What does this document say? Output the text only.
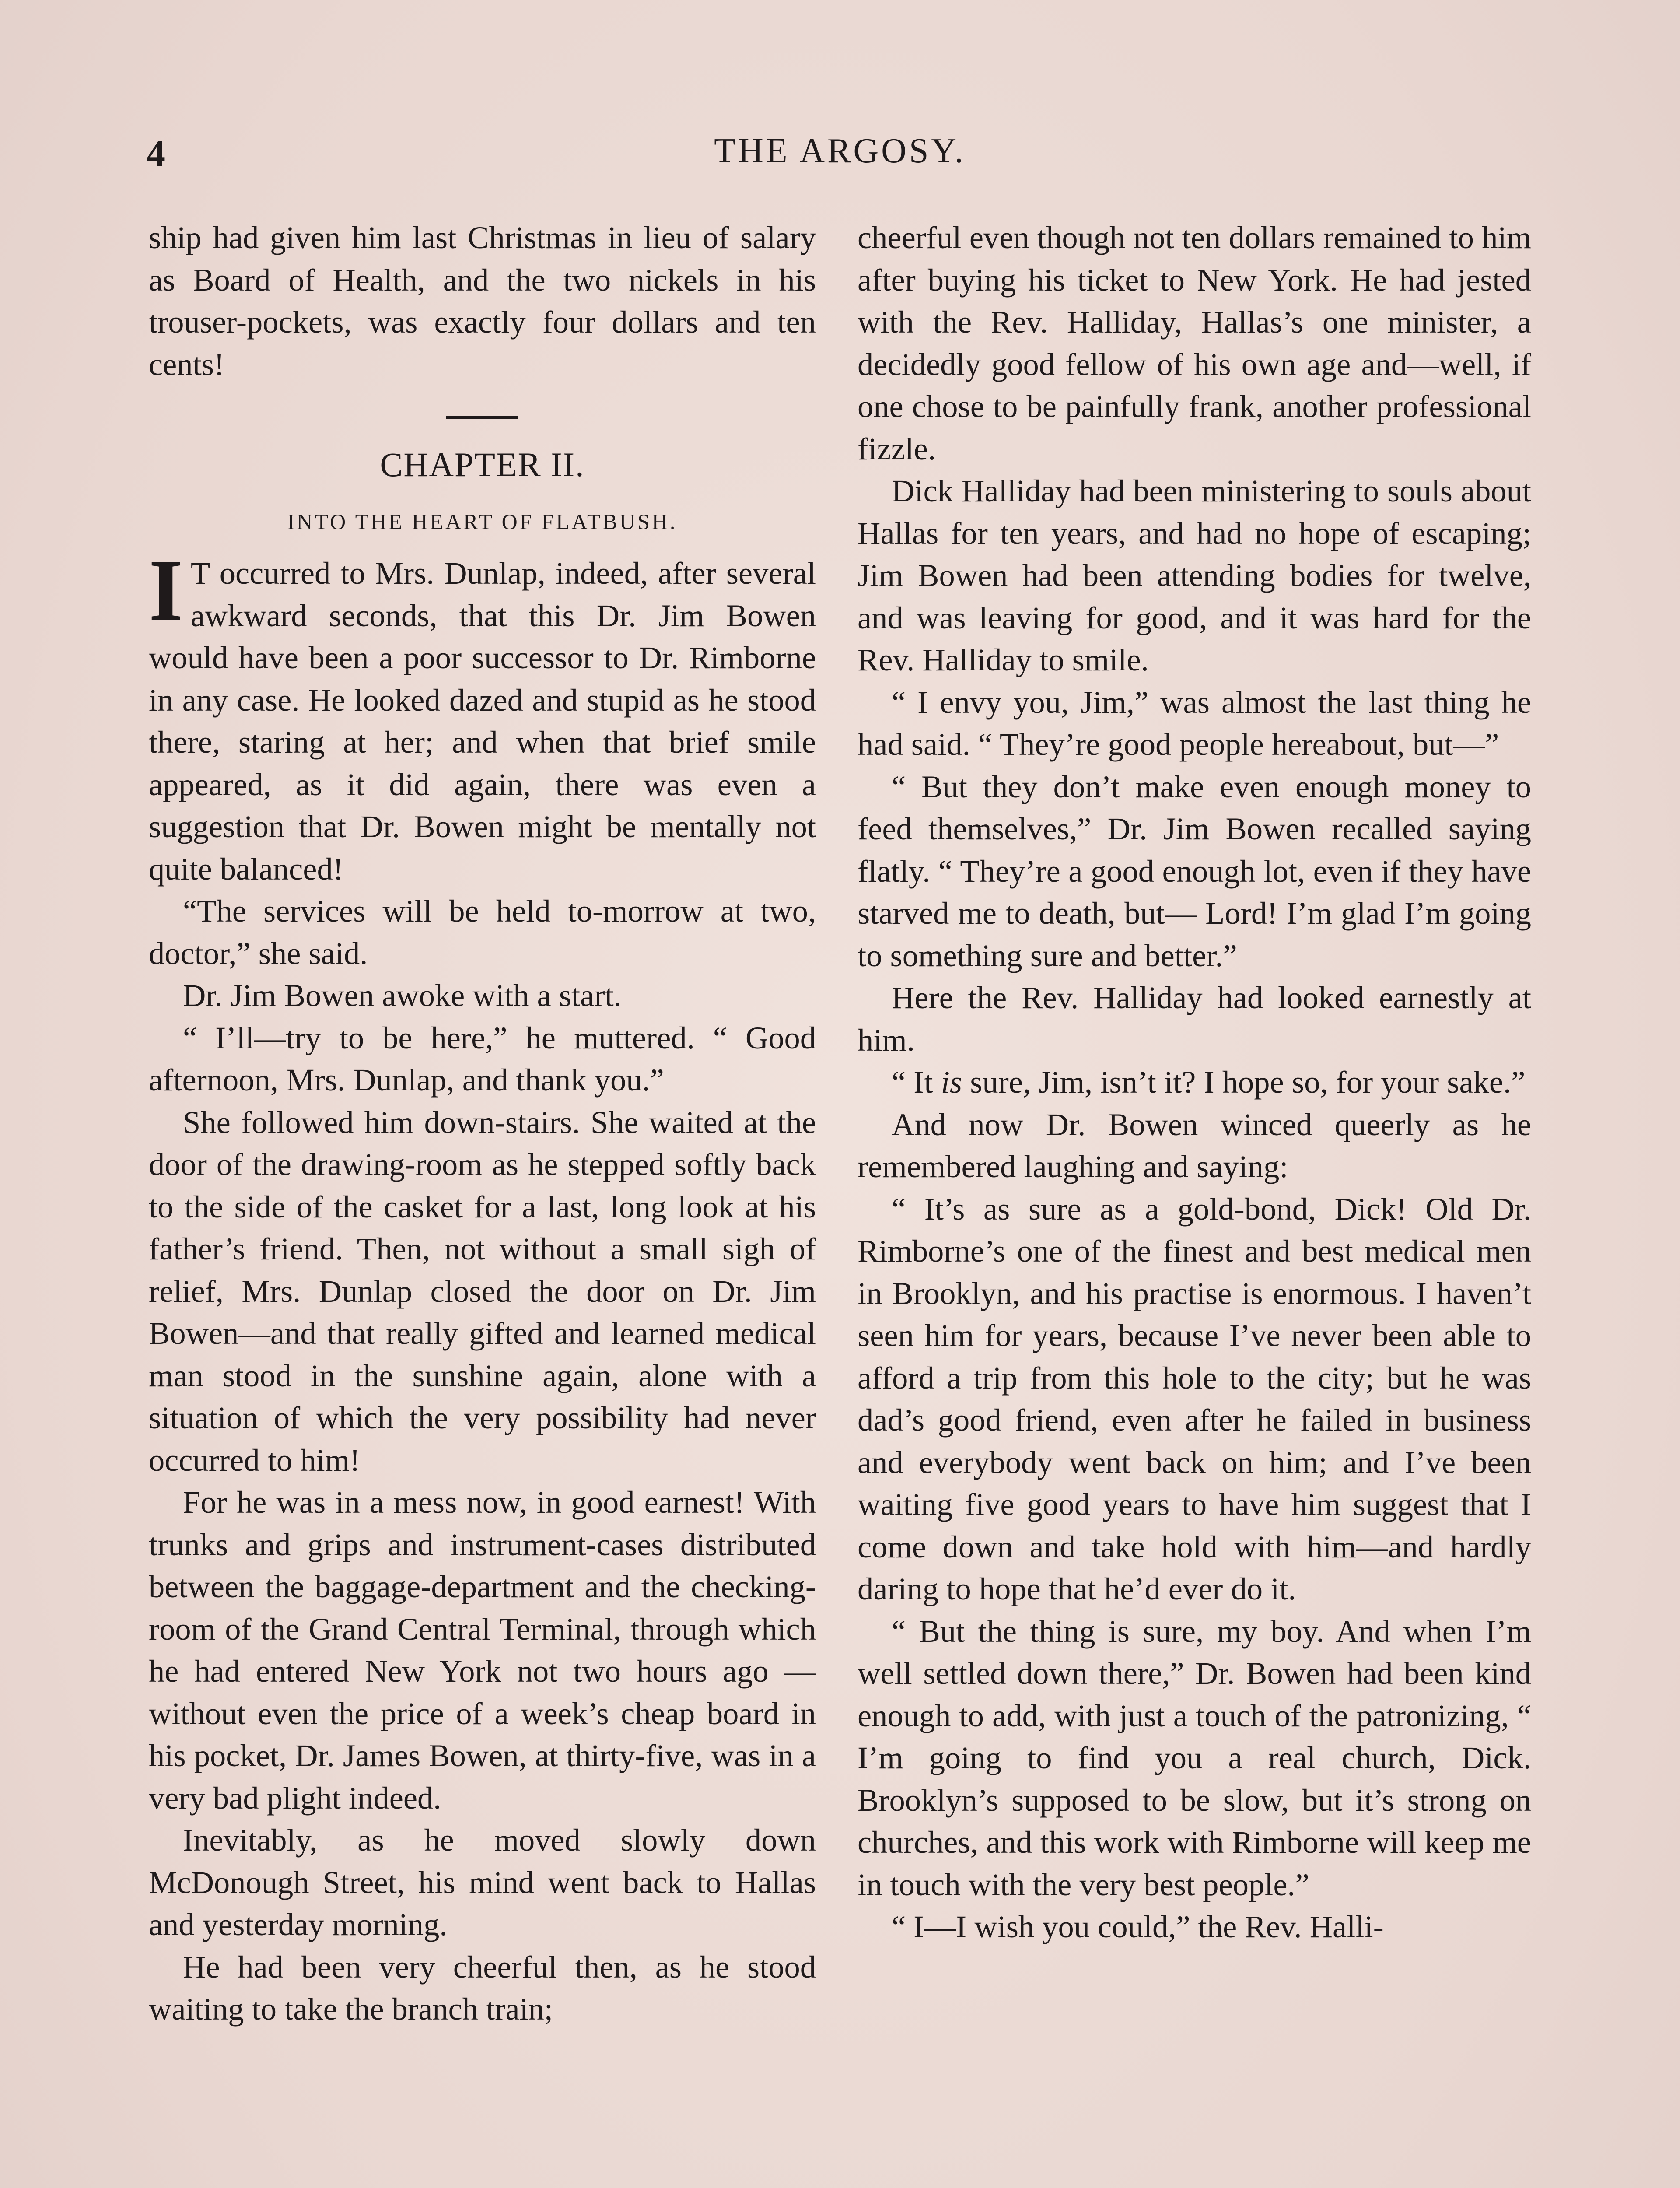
4	THE ARGOSY.

ship had given him last Christmas in lieu of salary as Board of Health, and the two nickels in his trouser-pockets, was exactly four dollars and ten cents!

CHAPTER II.
INTO THE HEART OF FLATBUSH.

I T occurred to Mrs. Dunlap, indeed, after several awkward seconds, that this Dr. Jim Bowen would have been a poor successor to Dr. Rimborne in any case. He looked dazed and stupid as he stood there, staring at her; and when that brief smile appeared, as it did again, there was even a suggestion that Dr. Bowen might be mentally not quite balanced!

“The services will be held to-morrow at two, doctor,” she said.

Dr. Jim Bowen awoke with a start.

“ I’ll—try to be here,” he muttered. “ Good afternoon, Mrs. Dunlap, and thank you.”

She followed him down-stairs. She waited at the door of the drawing-room as he stepped softly back to the side of the casket for a last, long look at his father’s friend. Then, not without a small sigh of relief, Mrs. Dunlap closed the door on Dr. Jim Bowen—and that really gifted and learned medical man stood in the sunshine again, alone with a situation of which the very possibility had never occurred to him!

For he was in a mess now, in good earnest! With trunks and grips and instrument-cases distributed between the baggage-department and the checking-room of the Grand Central Terminal, through which he had entered New York not two hours ago — without even the price of a week’s cheap board in his pocket, Dr. James Bowen, at thirty-five, was in a very bad plight indeed.

Inevitably, as he moved slowly down McDonough Street, his mind went back to Hallas and yesterday morning.

He had been very cheerful then, as he stood waiting to take the branch train;

cheerful even though not ten dollars remained to him after buying his ticket to New York. He had jested with the Rev. Halliday, Hallas’s one minister, a decidedly good fellow of his own age and—well, if one chose to be painfully frank, another professional fizzle.

Dick Halliday had been ministering to souls about Hallas for ten years, and had no hope of escaping; Jim Bowen had been attending bodies for twelve, and was leaving for good, and it was hard for the Rev. Halliday to smile.

“ I envy you, Jim,” was almost the last thing he had said. “ They’re good people hereabout, but—”

“ But they don’t make even enough money to feed themselves,” Dr. Jim Bowen recalled saying flatly. “ They’re a good enough lot, even if they have starved me to death, but— Lord! I’m glad I’m going to something sure and better.”

Here the Rev. Halliday had looked earnestly at him.

“ It is sure, Jim, isn’t it? I hope so, for your sake.”

And now Dr. Bowen winced queerly as he remembered laughing and saying:

“ It’s as sure as a gold-bond, Dick! Old Dr. Rimborne’s one of the finest and best medical men in Brooklyn, and his practise is enormous. I haven’t seen him for years, because I’ve never been able to afford a trip from this hole to the city; but he was dad’s good friend, even after he failed in business and everybody went back on him; and I’ve been waiting five good years to have him suggest that I come down and take hold with him—and hardly daring to hope that he’d ever do it.

“ But the thing is sure, my boy. And when I’m well settled down there,” Dr. Bowen had been kind enough to add, with just a touch of the patronizing, “ I’m going to find you a real church, Dick. Brooklyn’s supposed to be slow, but it’s strong on churches, and this work with Rimborne will keep me in touch with the very best people.”

“ I—I wish you could,” the Rev. Halli-
